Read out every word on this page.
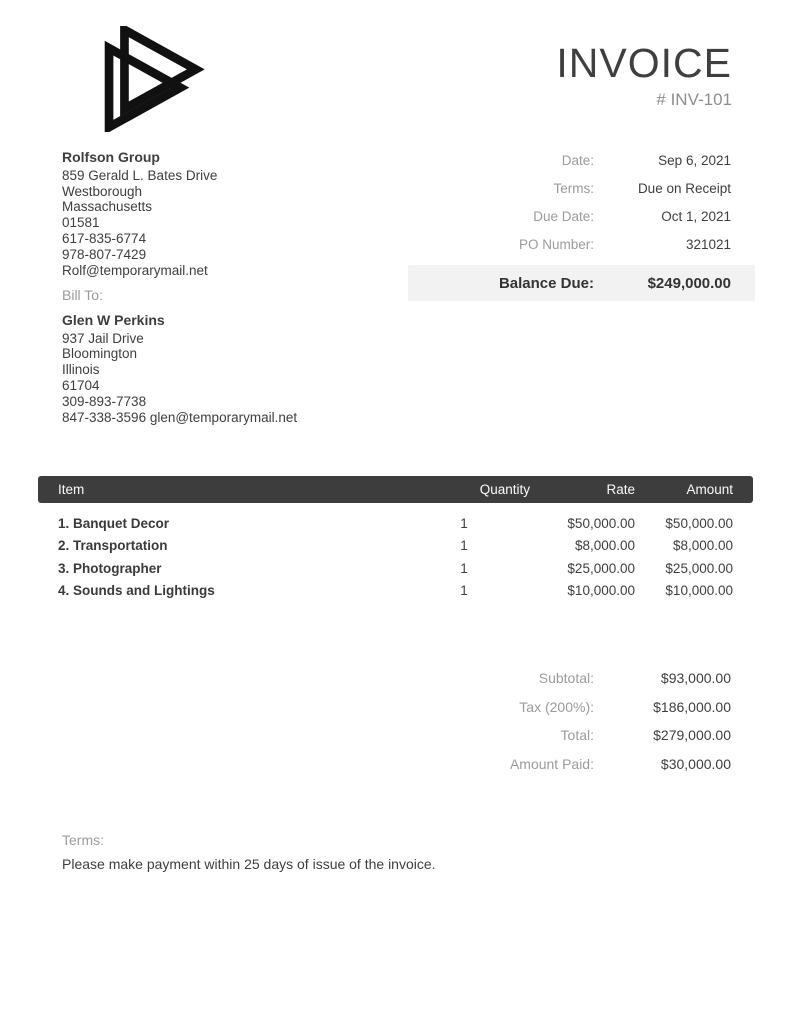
INVOICE
# INV-101
Rolfson Group
859 Gerald L. Bates Drive
Westborough
Massachusetts
01581
617-835-6774
978-807-7429
Rolf@temporarymail.net
Date:	Sep 6, 2021
Terms:	Due on Receipt
Due Date:	Oct 1, 2021
PO Number:	321021
Balance Due:	$249,000.00
Bill To:
Glen W Perkins
937 Jail Drive
Bloomington
Illinois
61704
309-893-7738
847-338-3596 glen@temporarymail.net
Item	Quantity	Rate	Amount
1. Banquet Decor	1	$50,000.00	$50,000.00
2. Transportation	1	$8,000.00	$8,000.00
3. Photographer	1	$25,000.00	$25,000.00
4. Sounds and Lightings	1	$10,000.00	$10,000.00
Subtotal:	$93,000.00
Tax (200%):	$186,000.00
Total:	$279,000.00
Amount Paid:	$30,000.00
Terms:
Please make payment within 25 days of issue of the invoice.
